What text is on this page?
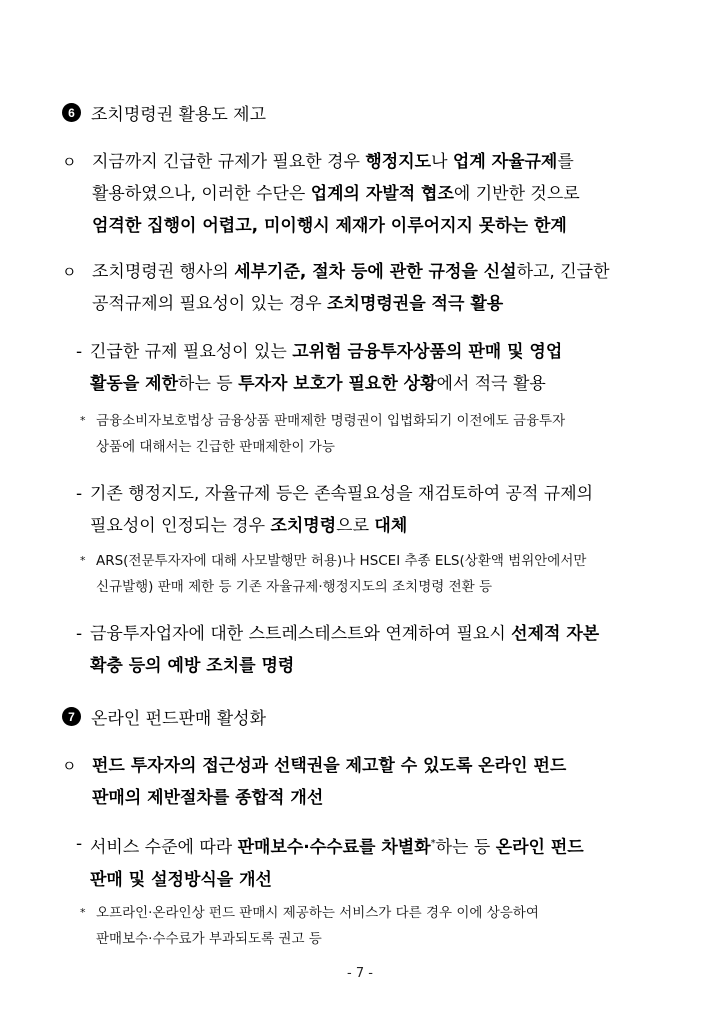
6 조치명령권 활용도 제고
ㅇ 지금까지 긴급한 규제가 필요한 경우 행정지도나 업계 자율규제를
활용하였으나, 이러한 수단은 업계의 자발적 협조에 기반한 것으로
엄격한 집행이 어렵고, 미이행시 제재가 이루어지지 못하는 한계
ㅇ 조치명령권 행사의 세부기준, 절차 등에 관한 규정을 신설하고, 긴급한
공적규제의 필요성이 있는 경우 조치명령권을 적극 활용
- 긴급한 규제 필요성이 있는 고위험 금융투자상품의 판매 및 영업
활동을 제한하는 등 투자자 보호가 필요한 상황에서 적극 활용
* 금융소비자보호법상 금융상품 판매제한 명령권이 입법화되기 이전에도 금융투자
상품에 대해서는 긴급한 판매제한이 가능
- 기존 행정지도, 자율규제 등은 존속필요성을 재검토하여 공적 규제의
필요성이 인정되는 경우 조치명령으로 대체
* ARS(전문투자자에 대해 사모발행만 허용)나 HSCEI 추종 ELS(상환액 범위안에서만
신규발행) 판매 제한 등 기존 자율규제·행정지도의 조치명령 전환 등
- 금융투자업자에 대한 스트레스테스트와 연계하여 필요시 선제적 자본
확충 등의 예방 조치를 명령
7 온라인 펀드판매 활성화
ㅇ 펀드 투자자의 접근성과 선택권을 제고할 수 있도록 온라인 펀드
판매의 제반절차를 종합적 개선
- 서비스 수준에 따라 판매보수·수수료를 차별화*하는 등 온라인 펀드
판매 및 설정방식을 개선
* 오프라인·온라인상 펀드 판매시 제공하는 서비스가 다른 경우 이에 상응하여
판매보수·수수료가 부과되도록 권고 등
- 7 -
